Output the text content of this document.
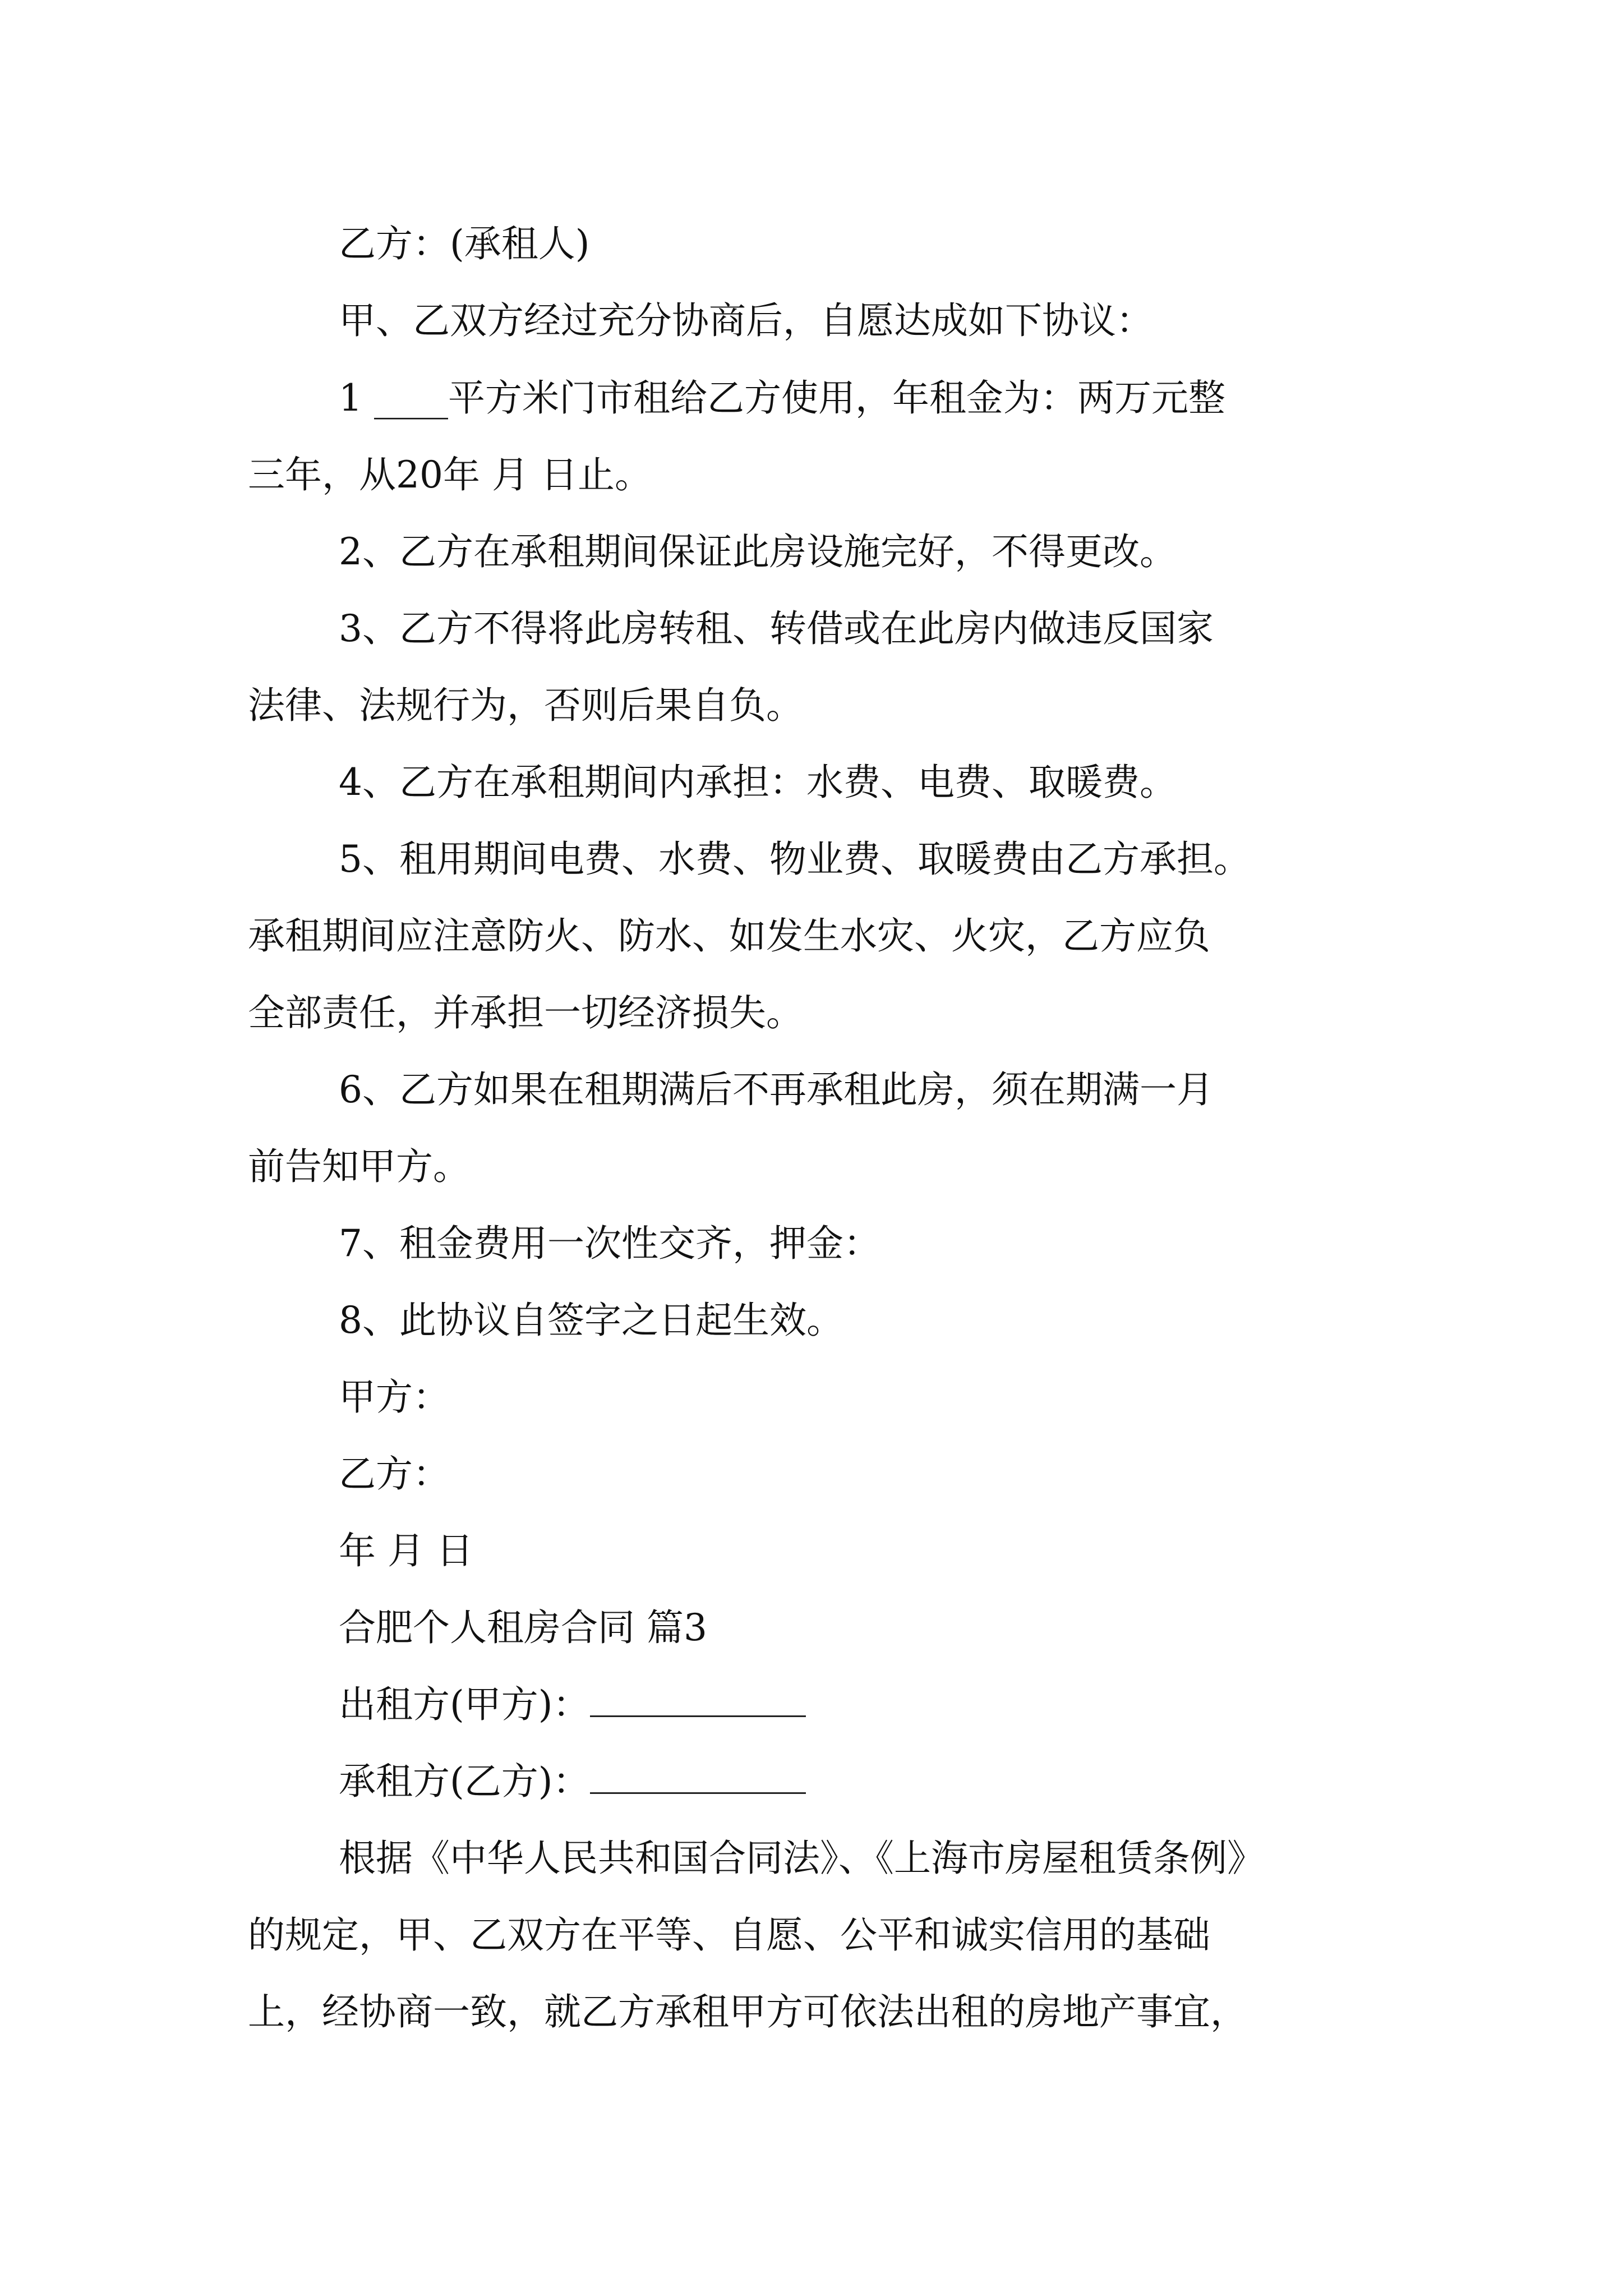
乙方：(承租人)
甲、乙双方经过充分协商后，自愿达成如下协议：
1 ____平方米门市租给乙方使用，年租金为：两万元整
三年，从20年 月 日止。
2、乙方在承租期间保证此房设施完好，不得更改。
3、乙方不得将此房转租、转借或在此房内做违反国家
法律、法规行为，否则后果自负。
4、乙方在承租期间内承担：水费、电费、取暖费。
5、租用期间电费、水费、物业费、取暖费由乙方承担。
承租期间应注意防火、防水、如发生水灾、火灾，乙方应负
全部责任，并承担一切经济损失。
6、乙方如果在租期满后不再承租此房，须在期满一月
前告知甲方。
7、租金费用一次性交齐，押金：
8、此协议自签字之日起生效。
甲方：
乙方：
年 月 日
合肥个人租房合同 篇3
出租方(甲方)：
承租方(乙方)：
根据《中华人民共和国合同法》、《上海市房屋租赁条例》
的规定，甲、乙双方在平等、自愿、公平和诚实信用的基础
上，经协商一致，就乙方承租甲方可依法出租的房地产事宜，
